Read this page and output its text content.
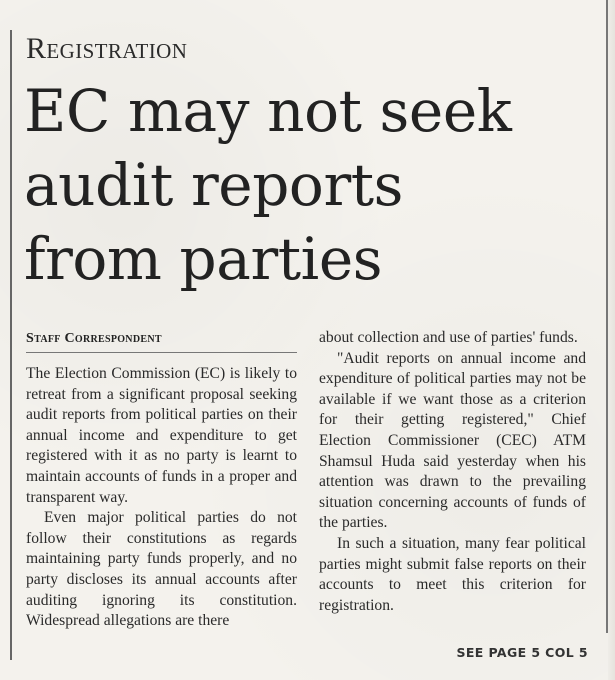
Registration
EC may not seek
audit reports
from parties
Staff Correspondent

The Election Commission (EC) is likely to retreat from a significant proposal seeking audit reports from political parties on their annual income and expenditure to get registered with it as no party is learnt to maintain accounts of funds in a proper and transparent way.

Even major political parties do not follow their constitutions as regards maintaining party funds properly, and no party discloses its annual accounts after auditing ignoring its constitution. Widespread allegations are there

about collection and use of parties' funds.

"Audit reports on annual income and expenditure of political parties may not be available if we want those as a criterion for their getting registered," Chief Election Commissioner (CEC) ATM Shamsul Huda said yesterday when his attention was drawn to the prevailing situation concerning accounts of funds of the parties.

In such a situation, many fear political parties might submit false reports on their accounts to meet this criterion for registration.

SEE PAGE 5 COL 5
